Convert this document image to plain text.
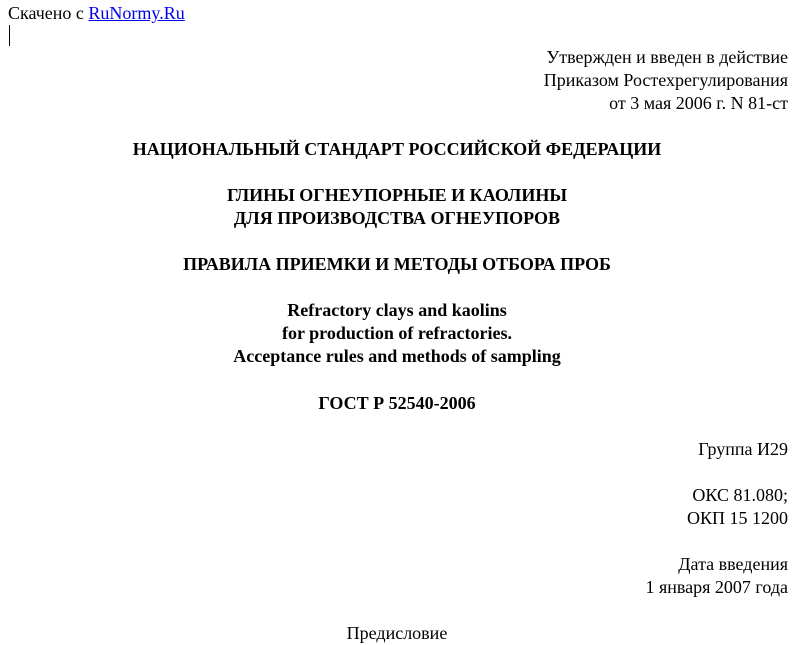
Скачено с RuNormy.Ru
Утвержден и введен в действие
Приказом Ростехрегулирования
от 3 мая 2006 г. N 81-ст
НАЦИОНАЛЬНЫЙ СТАНДАРТ РОССИЙСКОЙ ФЕДЕРАЦИИ
ГЛИНЫ ОГНЕУПОРНЫЕ И КАОЛИНЫ
ДЛЯ ПРОИЗВОДСТВА ОГНЕУПОРОВ
ПРАВИЛА ПРИЕМКИ И МЕТОДЫ ОТБОРА ПРОБ
Refractory clays and kaolins
for production of refractories.
Acceptance rules and methods of sampling
ГОСТ Р 52540-2006
Группа И29
ОКС 81.080;
ОКП 15 1200
Дата введения
1 января 2007 года
Предисловие
